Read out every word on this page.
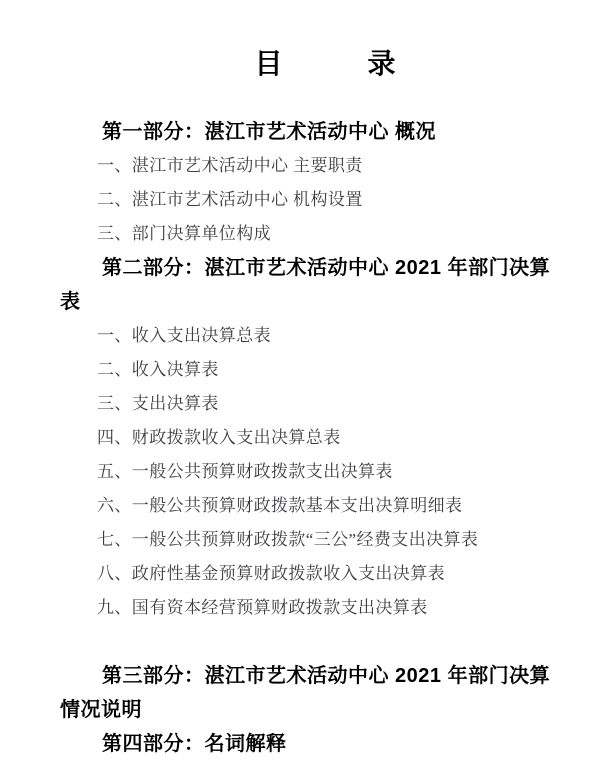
目	录

第一部分：湛江市艺术活动中心 概况

一、湛江市艺术活动中心 主要职责

二、湛江市艺术活动中心 机构设置

三、部门决算单位构成

第二部分：湛江市艺术活动中心 2021 年部门决算表

一、收入支出决算总表

二、收入决算表

三、支出决算表

四、财政拨款收入支出决算总表

五、一般公共预算财政拨款支出决算表

六、一般公共预算财政拨款基本支出决算明细表

七、一般公共预算财政拨款“三公”经费支出决算表

八、政府性基金预算财政拨款收入支出决算表

九、国有资本经营预算财政拨款支出决算表

第三部分：湛江市艺术活动中心 2021 年部门决算情况说明

第四部分：名词解释
